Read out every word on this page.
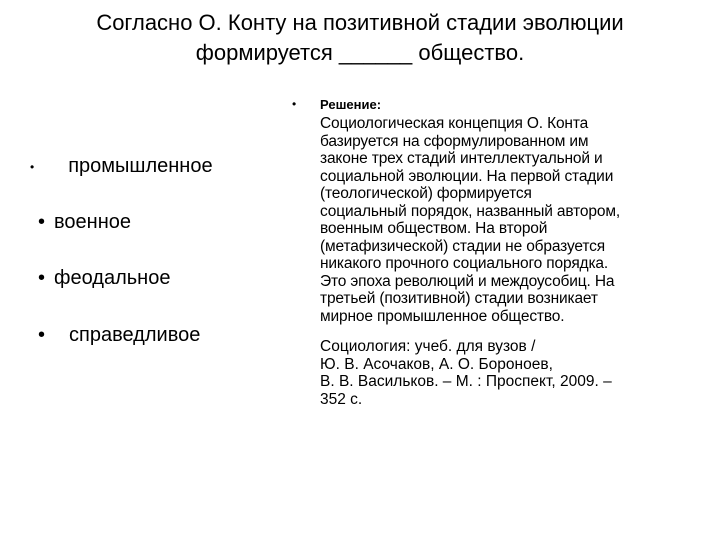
Согласно О. Конту на позитивной стадии эволюции
формируется ______ общество.
• промышленное
• военное
• феодальное
• справедливое
• Решение:
Социологическая концепция О. Конта
базируется на сформулированном им
законе трех стадий интеллектуальной и
социальной эволюции. На первой стадии
(теологической) формируется
социальный порядок, названный автором,
военным обществом. На второй
(метафизической) стадии не образуется
никакого прочного социального порядка.
Это эпоха революций и междоусобиц. На
третьей (позитивной) стадии возникает
мирное промышленное общество.
Социология: учеб. для вузов /
Ю. В. Асочаков, А. О. Бороноев,
В. В. Васильков. – М. : Проспект, 2009. –
352 с.
